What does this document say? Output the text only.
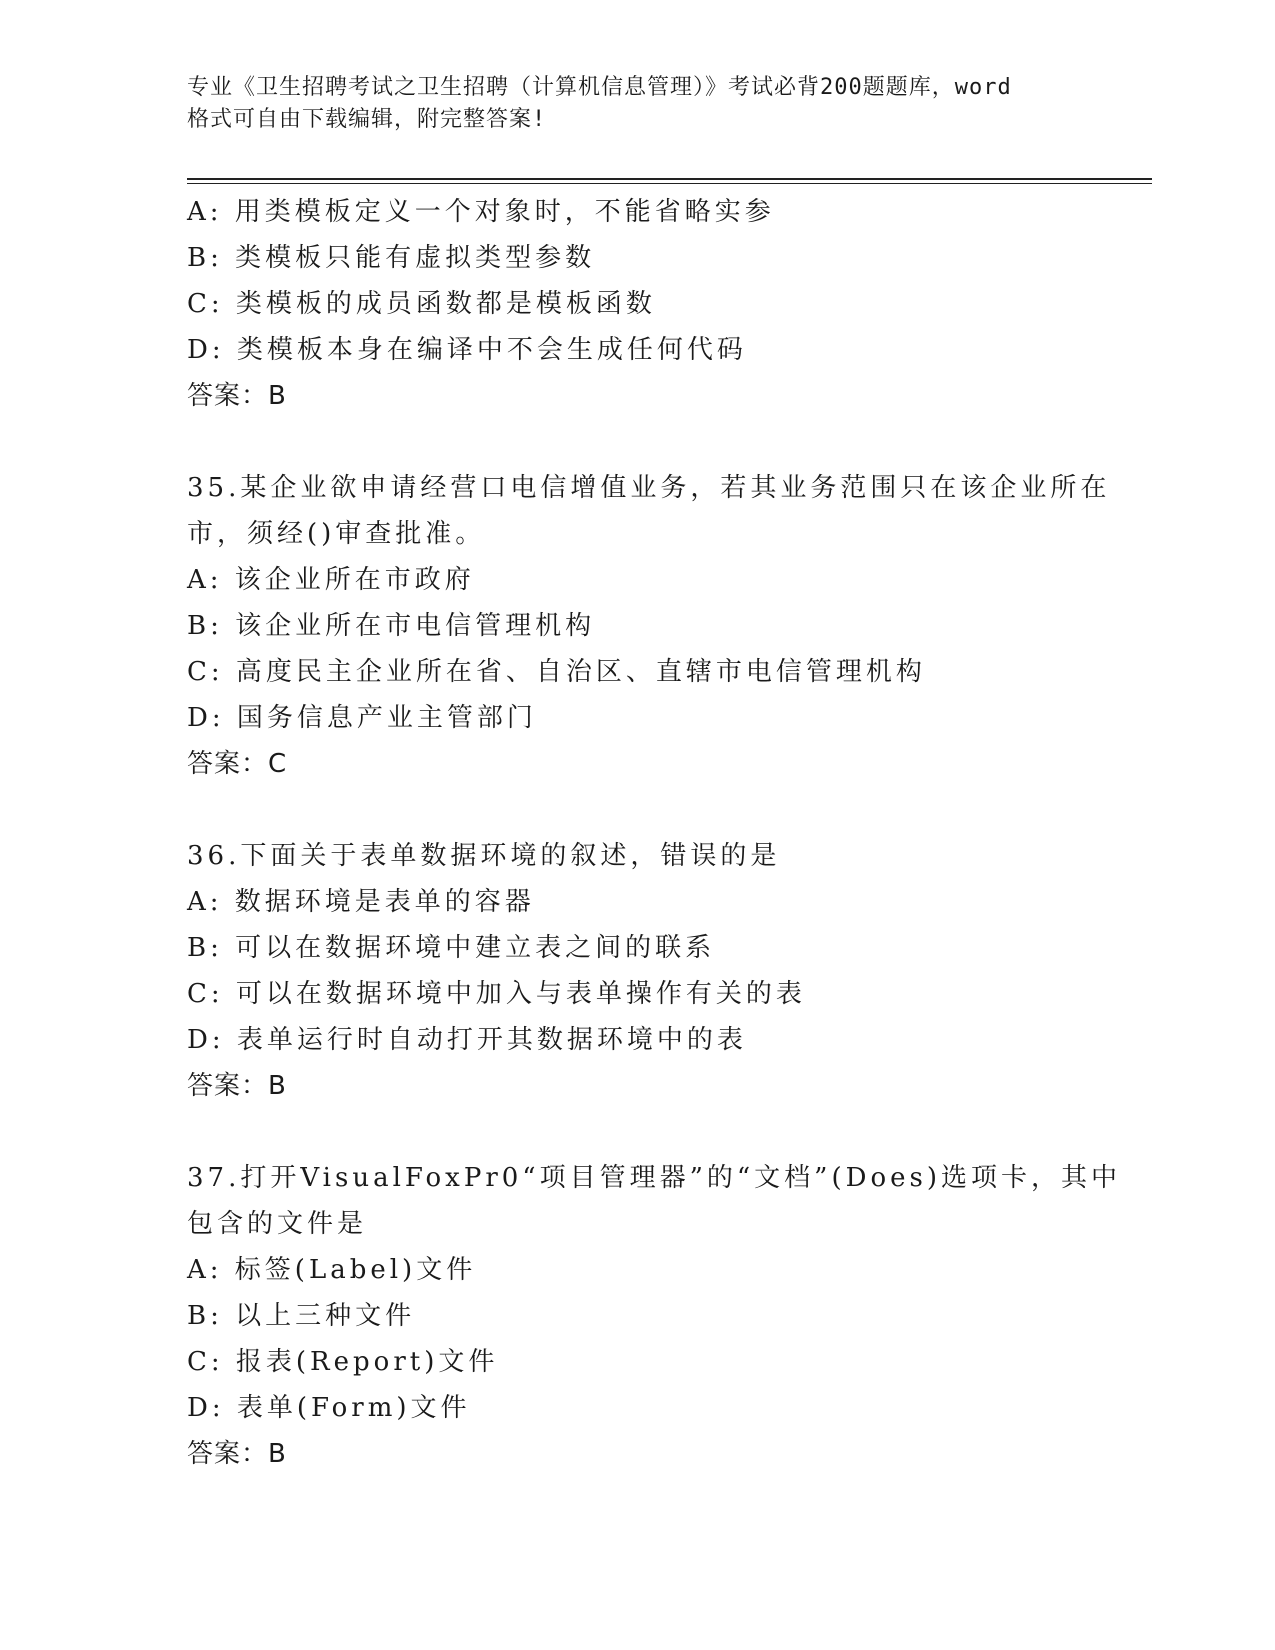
专业《卫生招聘考试之卫生招聘（计算机信息管理）》考试必背200题题库，word
格式可自由下载编辑，附完整答案!
A: 用类模板定义一个对象时，不能省略实参
B: 类模板只能有虚拟类型参数
C: 类模板的成员函数都是模板函数
D: 类模板本身在编译中不会生成任何代码
答案：B
35.某企业欲申请经营口电信增值业务，若其业务范围只在该企业所在
市，须经()审查批准。
A: 该企业所在市政府
B: 该企业所在市电信管理机构
C: 高度民主企业所在省、自治区、直辖市电信管理机构
D: 国务信息产业主管部门
答案：C
36.下面关于表单数据环境的叙述，错误的是
A: 数据环境是表单的容器
B: 可以在数据环境中建立表之间的联系
C: 可以在数据环境中加入与表单操作有关的表
D: 表单运行时自动打开其数据环境中的表
答案：B
37.打开VisualFoxPr0“项目管理器”的“文档”(Does)选项卡，其中
包含的文件是
A: 标签(Label)文件
B: 以上三种文件
C: 报表(Report)文件
D: 表单(Form)文件
答案：B
